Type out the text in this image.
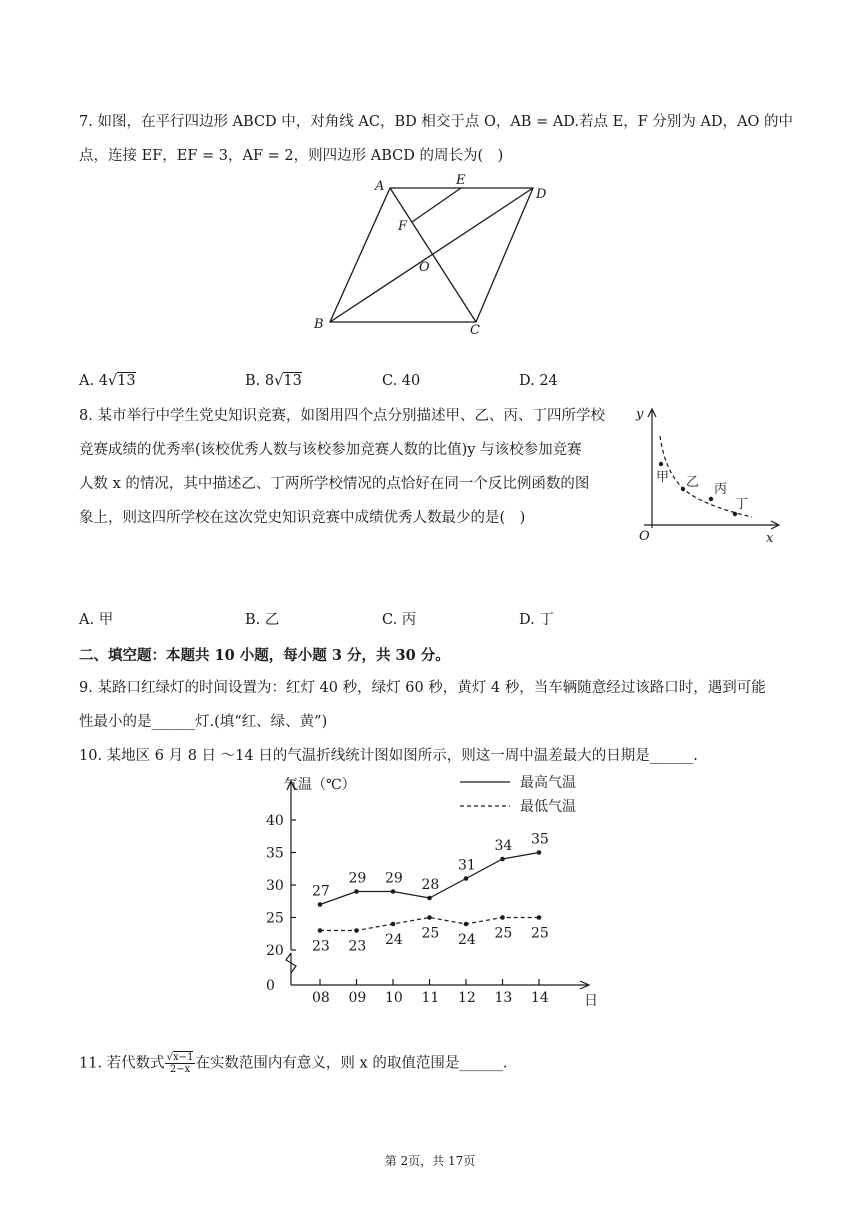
7. 如图，在平行四边形 ABCD 中，对角线 AC，BD 相交于点 O，AB = AD.若点 E，F 分别为 AD，AO 的中
点，连接 EF，EF = 3，AF = 2，则四边形 ABCD 的周长为(　)
A	E
D
F
O
B	C
A. 4√13	B. 8√13	C. 40	D. 24
8. 某市举行中学生党史知识竞赛，如图用四个点分别描述甲、乙、丙、丁四所学校
竞赛成绩的优秀率(该校优秀人数与该校参加竞赛人数的比值)y 与该校参加竞赛
人数 x 的情况，其中描述乙、丁两所学校情况的点恰好在同一个反比例函数的图
象上，则这四所学校在这次党史知识竞赛中成绩优秀人数最少的是(　)
y
x
O
甲 乙 丙
丁
A. 甲	B. 乙	C. 丙	D. 丁
二、填空题：本题共 10 小题，每小题 3 分，共 30 分。
9. 某路口红绿灯的时间设置为：红灯 40 秒，绿灯 60 秒，黄灯 4 秒，当车辆随意经过该路口时，遇到可能
性最小的是______灯.(填“红、绿、黄”)
10. 某地区 6 月 8 日 ～14 日的气温折线统计图如图所示，则这一周中温差最大的日期是______.
气温（℃）
日
最高气温
最低气温
0
20
25
30
35
40
08 09 10 11 12 13 14
27
29 29 28
31
34 35
23 23 24 25 24 25 25
11. 若代数式 $\frac{√x-1}{2-x}$ 在实数范围内有意义，则 x 的取值范围是______.
第 2页，共 17页
